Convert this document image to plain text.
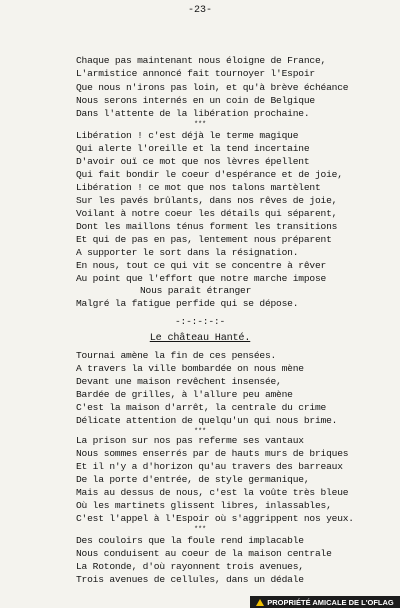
-23-
Chaque pas maintenant nous éloigne de France,
L'armistice annoncé fait tournoyer l'Espoir
Que nous n'irons pas loin, et qu'à brève échéance
Nous serons internés en un coin de Belgique
Dans l'attente de la libération prochaine.
***
Libération ! c'est déjà le terme magique
Qui alerte l'oreille et la tend incertaine
D'avoir ouï ce mot que nos lèvres épellent
Qui fait bondir le coeur d'espérance et de joie,
Libération ! ce mot que nos talons martèlent
Sur les pavés brûlants, dans nos rêves de joie,
Voilant à notre coeur les détails qui séparent,
Dont les maillons ténus forment les transitions
Et qui de pas en pas, lentement nous préparent
A supporter le sort dans la résignation.
En nous, tout ce qui vit se concentre à rêver
Au point que l'effort que notre marche impose
Nous paraît étranger
Malgré la fatigue perfide qui se dépose.
-:-:-:-:-
Le château Hanté.
Tournai amène la fin de ces pensées.
A travers la ville bombardée on nous mène
Devant une maison revêchent insensée,
Bardée de grilles, à l'allure peu amène
C'est la maison d'arrêt, la centrale du crime
Délicate attention de quelqu'un qui nous brime.
***
La prison sur nos pas referme ses vantaux
Nous sommes enserrés par de hauts murs de briques
Et il n'y a d'horizon qu'au travers des barreaux
De la porte d'entrée, de style germanique,
Mais au dessus de nous, c'est la voûte très bleue
Où les martinets glissent libres, inlassables,
C'est l'appel à l'Espoir où s'aggrippent nos yeux.
***
Des couloirs que la foule rend implacable
Nous conduisent au coeur de la maison centrale
La Rotonde, d'où rayonnent trois avenues,
Trois avenues de cellules, dans un dédale
PROPRIÉTÉ AMICALE DE L'OFLAG
